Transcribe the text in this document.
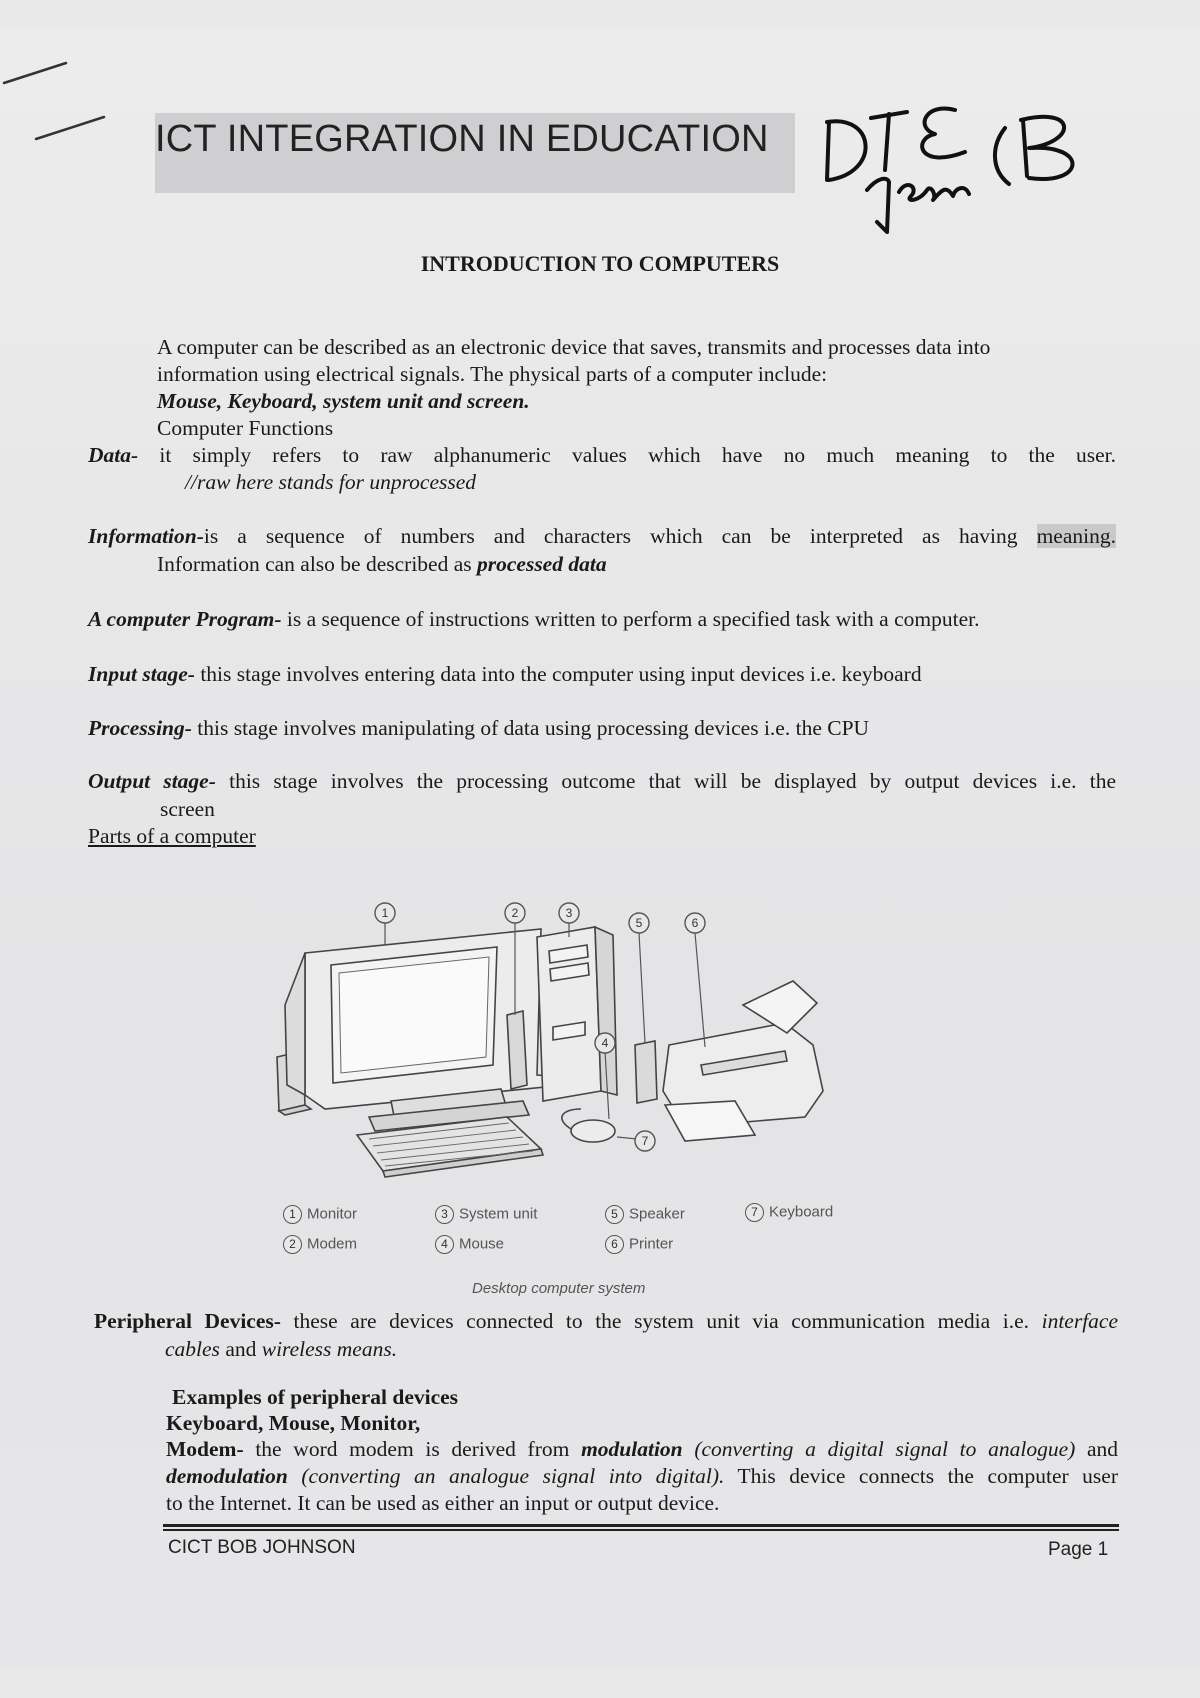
ICT INTEGRATION IN EDUCATION
INTRODUCTION TO COMPUTERS
A computer can be described as an electronic device that saves, transmits and processes data into
information using electrical signals. The physical parts of a computer include:
Mouse, Keyboard, system unit and screen.
Computer Functions
Data- it simply refers to raw alphanumeric values which have no much meaning to the user.
//raw here stands for unprocessed
Information-is a sequence of numbers and characters which can be interpreted as having meaning.
Information can also be described as processed data
A computer Program- is a sequence of instructions written to perform a specified task with a computer.
Input stage- this stage involves entering data into the computer using input devices i.e. keyboard
Processing- this stage involves manipulating of data using processing devices i.e. the CPU
Output stage- this stage involves the processing outcome that will be displayed by output devices i.e. the
screen
Parts of a computer
1	2	3
5	6
4
7
1 Monitor
2 Modem
3 System unit
4 Mouse
5 Speaker
6 Printer
7 Keyboard
Desktop computer system
Peripheral Devices- these are devices connected to the system unit via communication media i.e. interface
cables and wireless means.
Examples of peripheral devices
Keyboard, Mouse, Monitor,
Modem- the word modem is derived from modulation (converting a digital signal to analogue) and
demodulation (converting an analogue signal into digital). This device connects the computer user
to the Internet. It can be used as either an input or output device.
CICT BOB JOHNSON	Page 1
